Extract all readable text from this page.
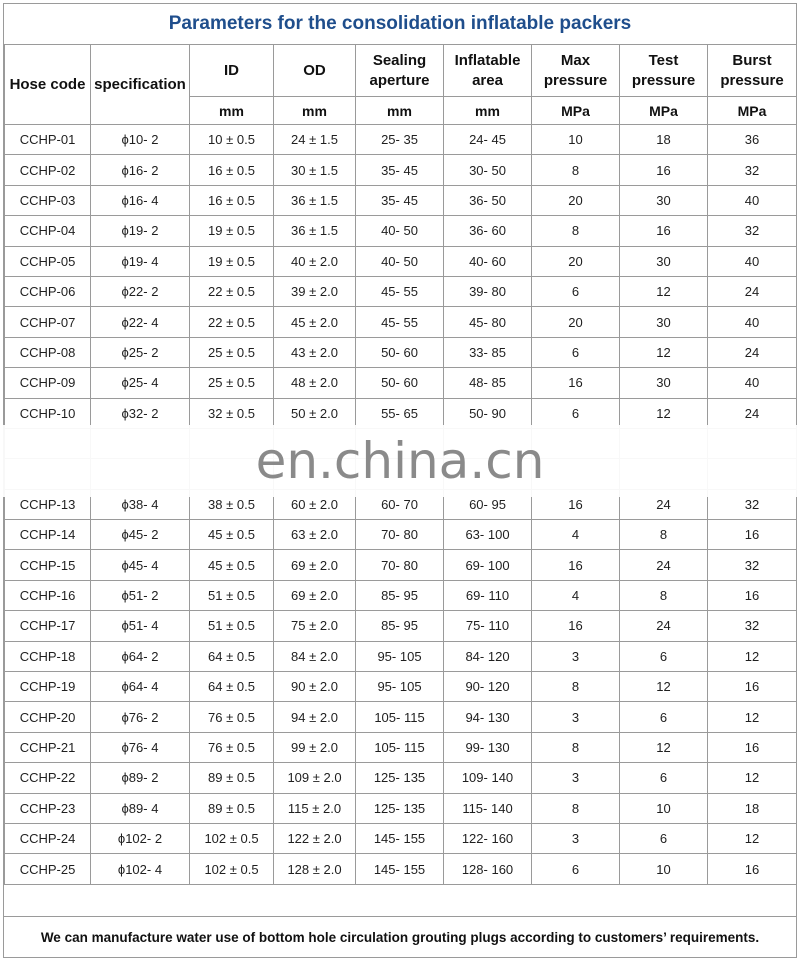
Parameters for the consolidation inflatable packers
Hose code	specification	ID	OD	Sealing aperture	Inflatable area	Max pressure	Test pressure	Burst pressure
		mm	mm	mm	mm	MPa	MPa	MPa
CCHP-01	ϕ10- 2	10 ± 0.5	24 ± 1.5	25- 35	24- 45	10	18	36
CCHP-02	ϕ16- 2	16 ± 0.5	30 ± 1.5	35- 45	30- 50	8	16	32
CCHP-03	ϕ16- 4	16 ± 0.5	36 ± 1.5	35- 45	36- 50	20	30	40
CCHP-04	ϕ19- 2	19 ± 0.5	36 ± 1.5	40- 50	36- 60	8	16	32
CCHP-05	ϕ19- 4	19 ± 0.5	40 ± 2.0	40- 50	40- 60	20	30	40
CCHP-06	ϕ22- 2	22 ± 0.5	39 ± 2.0	45- 55	39- 80	6	12	24
CCHP-07	ϕ22- 4	22 ± 0.5	45 ± 2.0	45- 55	45- 80	20	30	40
CCHP-08	ϕ25- 2	25 ± 0.5	43 ± 2.0	50- 60	33- 85	6	12	24
CCHP-09	ϕ25- 4	25 ± 0.5	48 ± 2.0	50- 60	48- 85	16	30	40
CCHP-10	ϕ32- 2	32 ± 0.5	50 ± 2.0	55- 65	50- 90	6	12	24

CCHP-13	ϕ38- 4	38 ± 0.5	60 ± 2.0	60- 70	60- 95	16	24	32
CCHP-14	ϕ45- 2	45 ± 0.5	63 ± 2.0	70- 80	63- 100	4	8	16
CCHP-15	ϕ45- 4	45 ± 0.5	69 ± 2.0	70- 80	69- 100	16	24	32
CCHP-16	ϕ51- 2	51 ± 0.5	69 ± 2.0	85- 95	69- 110	4	8	16
CCHP-17	ϕ51- 4	51 ± 0.5	75 ± 2.0	85- 95	75- 110	16	24	32
CCHP-18	ϕ64- 2	64 ± 0.5	84 ± 2.0	95- 105	84- 120	3	6	12
CCHP-19	ϕ64- 4	64 ± 0.5	90 ± 2.0	95- 105	90- 120	8	12	16
CCHP-20	ϕ76- 2	76 ± 0.5	94 ± 2.0	105- 115	94- 130	3	6	12
CCHP-21	ϕ76- 4	76 ± 0.5	99 ± 2.0	105- 115	99- 130	8	12	16
CCHP-22	ϕ89- 2	89 ± 0.5	109 ± 2.0	125- 135	109- 140	3	6	12
CCHP-23	ϕ89- 4	89 ± 0.5	115 ± 2.0	125- 135	115- 140	8	10	18
CCHP-24	ϕ102- 2	102 ± 0.5	122 ± 2.0	145- 155	122- 160	3	6	12
CCHP-25	ϕ102- 4	102 ± 0.5	128 ± 2.0	145- 155	128- 160	6	10	16
We can manufacture water use of bottom hole circulation grouting plugs according to customers’ requirements.
en.china.cn
